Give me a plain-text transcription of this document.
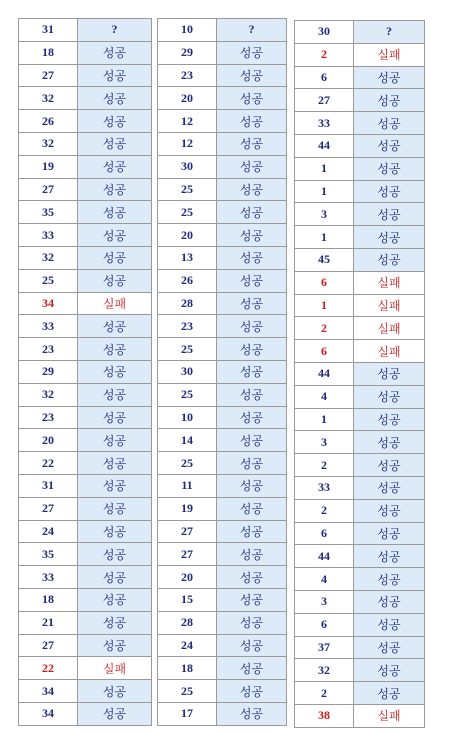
31	?
18	성공
27	성공
32	성공
26	성공
32	성공
19	성공
27	성공
35	성공
33	성공
32	성공
25	성공
34	실패
33	성공
23	성공
29	성공
32	성공
23	성공
20	성공
22	성공
31	성공
27	성공
24	성공
35	성공
33	성공
18	성공
21	성공
27	성공
22	실패
34	성공
34	성공
10	?
29	성공
23	성공
20	성공
12	성공
12	성공
30	성공
25	성공
25	성공
20	성공
13	성공
26	성공
28	성공
23	성공
25	성공
30	성공
25	성공
10	성공
14	성공
25	성공
11	성공
19	성공
27	성공
27	성공
20	성공
15	성공
28	성공
24	성공
18	성공
25	성공
17	성공
30	?
2	실패
6	성공
27	성공
33	성공
44	성공
1	성공
1	성공
3	성공
1	성공
45	성공
6	실패
1	실패
2	실패
6	실패
44	성공
4	성공
1	성공
3	성공
2	성공
33	성공
2	성공
6	성공
44	성공
4	성공
3	성공
6	성공
37	성공
32	성공
2	성공
38	실패
